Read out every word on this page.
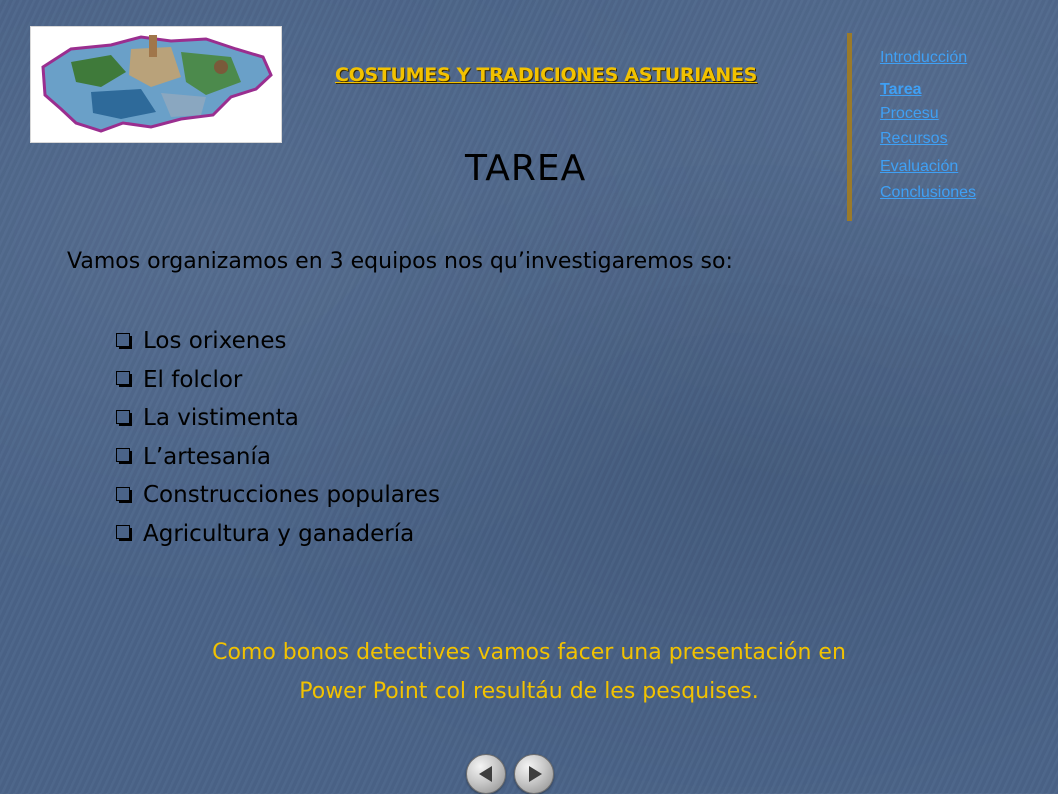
COSTUMES Y TRADICIONES ASTURIANES
Introducción
Tarea
Procesu
Recursos
Evaluación
Conclusiones
TAREA
Vamos organizamos en 3 equipos nos qu’investigaremos so:
Los orixenes
El folclor
La vistimenta
L’artesanía
Construcciones populares
Agricultura y ganadería
Como bonos detectives vamos facer una presentación en
Power Point col resultáu de les pesquises.
